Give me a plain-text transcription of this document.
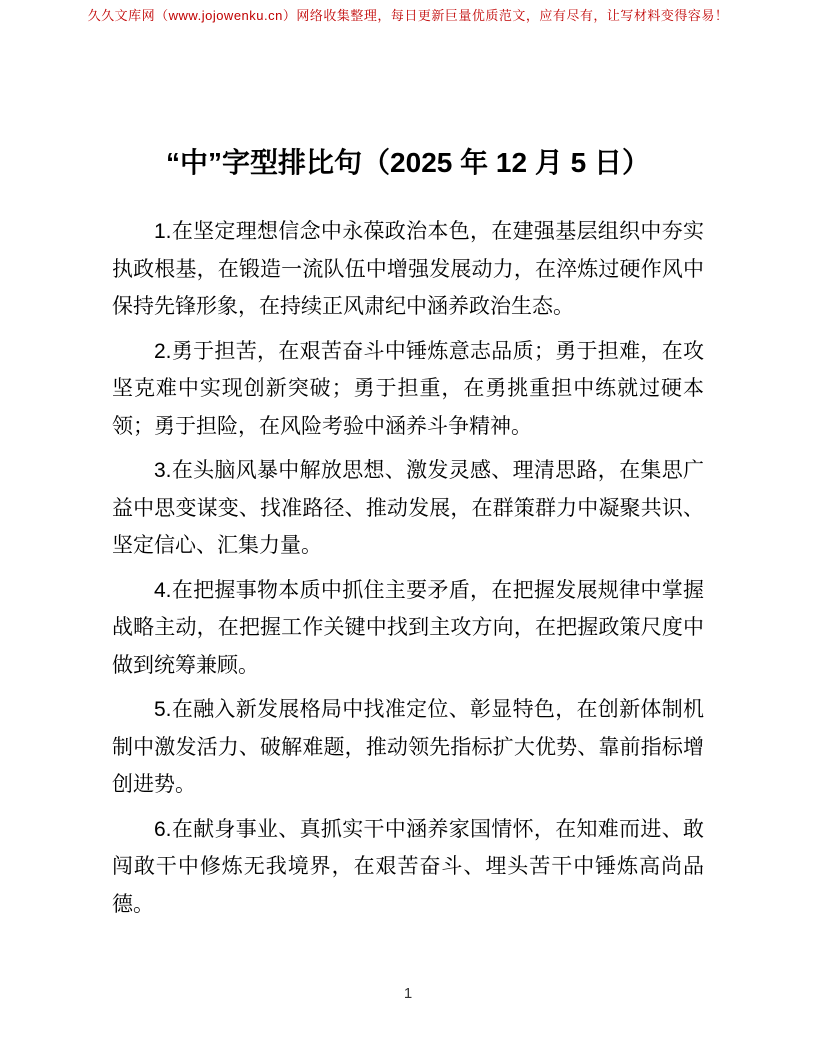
久久文库网（www.jojowenku.cn）网络收集整理，每日更新巨量优质范文，应有尽有，让写材料变得容易！
“中”字型排比句（2025 年 12 月 5 日）

1.在坚定理想信念中永葆政治本色，在建强基层组织中夯实执政根基，在锻造一流队伍中增强发展动力，在淬炼过硬作风中保持先锋形象，在持续正风肃纪中涵养政治生态。

2.勇于担苦，在艰苦奋斗中锤炼意志品质；勇于担难，在攻坚克难中实现创新突破；勇于担重，在勇挑重担中练就过硬本领；勇于担险，在风险考验中涵养斗争精神。

3.在头脑风暴中解放思想、激发灵感、理清思路，在集思广益中思变谋变、找准路径、推动发展，在群策群力中凝聚共识、坚定信心、汇集力量。

4.在把握事物本质中抓住主要矛盾，在把握发展规律中掌握战略主动，在把握工作关键中找到主攻方向，在把握政策尺度中做到统筹兼顾。

5.在融入新发展格局中找准定位、彰显特色，在创新体制机制中激发活力、破解难题，推动领先指标扩大优势、靠前指标增创进势。

6.在献身事业、真抓实干中涵养家国情怀，在知难而进、敢闯敢干中修炼无我境界，在艰苦奋斗、埋头苦干中锤炼高尚品德。

1
